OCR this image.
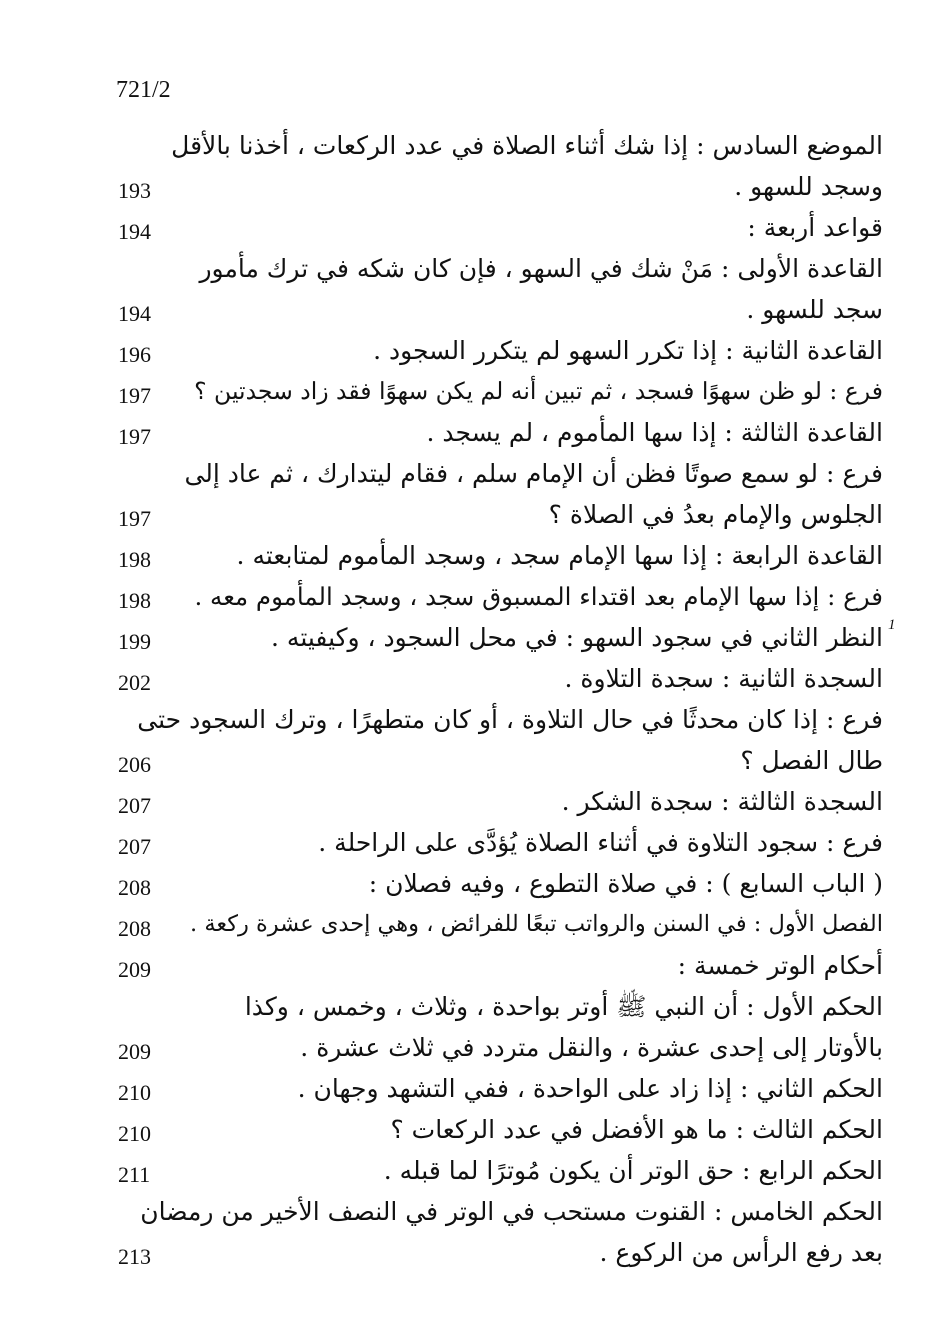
721/2
الموضع السادس : إذا شك أثناء الصلاة في عدد الركعات ، أخذنا بالأقل
193	وسجد للسهو .
194	قواعد أربعة :
القاعدة الأولى : مَنْ شك في السهو ، فإن كان شكه في ترك مأمور
194	سجد للسهو .
196	القاعدة الثانية : إذا تكرر السهو لم يتكرر السجود .
197	فرع : لو ظن سهوًا فسجد ، ثم تبين أنه لم يكن سهوًا فقد زاد سجدتين ؟
197	القاعدة الثالثة : إذا سها المأموم ، لم يسجد .
فرع : لو سمع صوتًا فظن أن الإمام سلم ، فقام ليتدارك ، ثم عاد إلى
197	الجلوس والإمام بعدُ في الصلاة ؟
198	القاعدة الرابعة : إذا سها الإمام سجد ، وسجد المأموم لمتابعته .
198	فرع : إذا سها الإمام بعد اقتداء المسبوق سجد ، وسجد المأموم معه .
199	النظر الثاني في سجود السهو : في محل السجود ، وكيفيته . 1
202	السجدة الثانية : سجدة التلاوة .
فرع : إذا كان محدثًا في حال التلاوة ، أو كان متطهرًا ، وترك السجود حتى
206	طال الفصل ؟
207	السجدة الثالثة : سجدة الشكر .
207	فرع : سجود التلاوة في أثناء الصلاة يُؤدَّى على الراحلة .
208	( الباب السابع ) : في صلاة التطوع ، وفيه فصلان :
208	الفصل الأول : في السنن والرواتب تبعًا للفرائض ، وهي إحدى عشرة ركعة .
209	أحكام الوتر خمسة :
الحكم الأول : أن النبي ﷺ أوتر بواحدة ، وثلاث ، وخمس ، وكذا
209	بالأوتار إلى إحدى عشرة ، والنقل متردد في ثلاث عشرة .
210	الحكم الثاني : إذا زاد على الواحدة ، ففي التشهد وجهان .
210	الحكم الثالث : ما هو الأفضل في عدد الركعات ؟
211	الحكم الرابع : حق الوتر أن يكون مُوترًا لما قبله .
الحكم الخامس : القنوت مستحب في الوتر في النصف الأخير من رمضان
213	بعد رفع الرأس من الركوع .
